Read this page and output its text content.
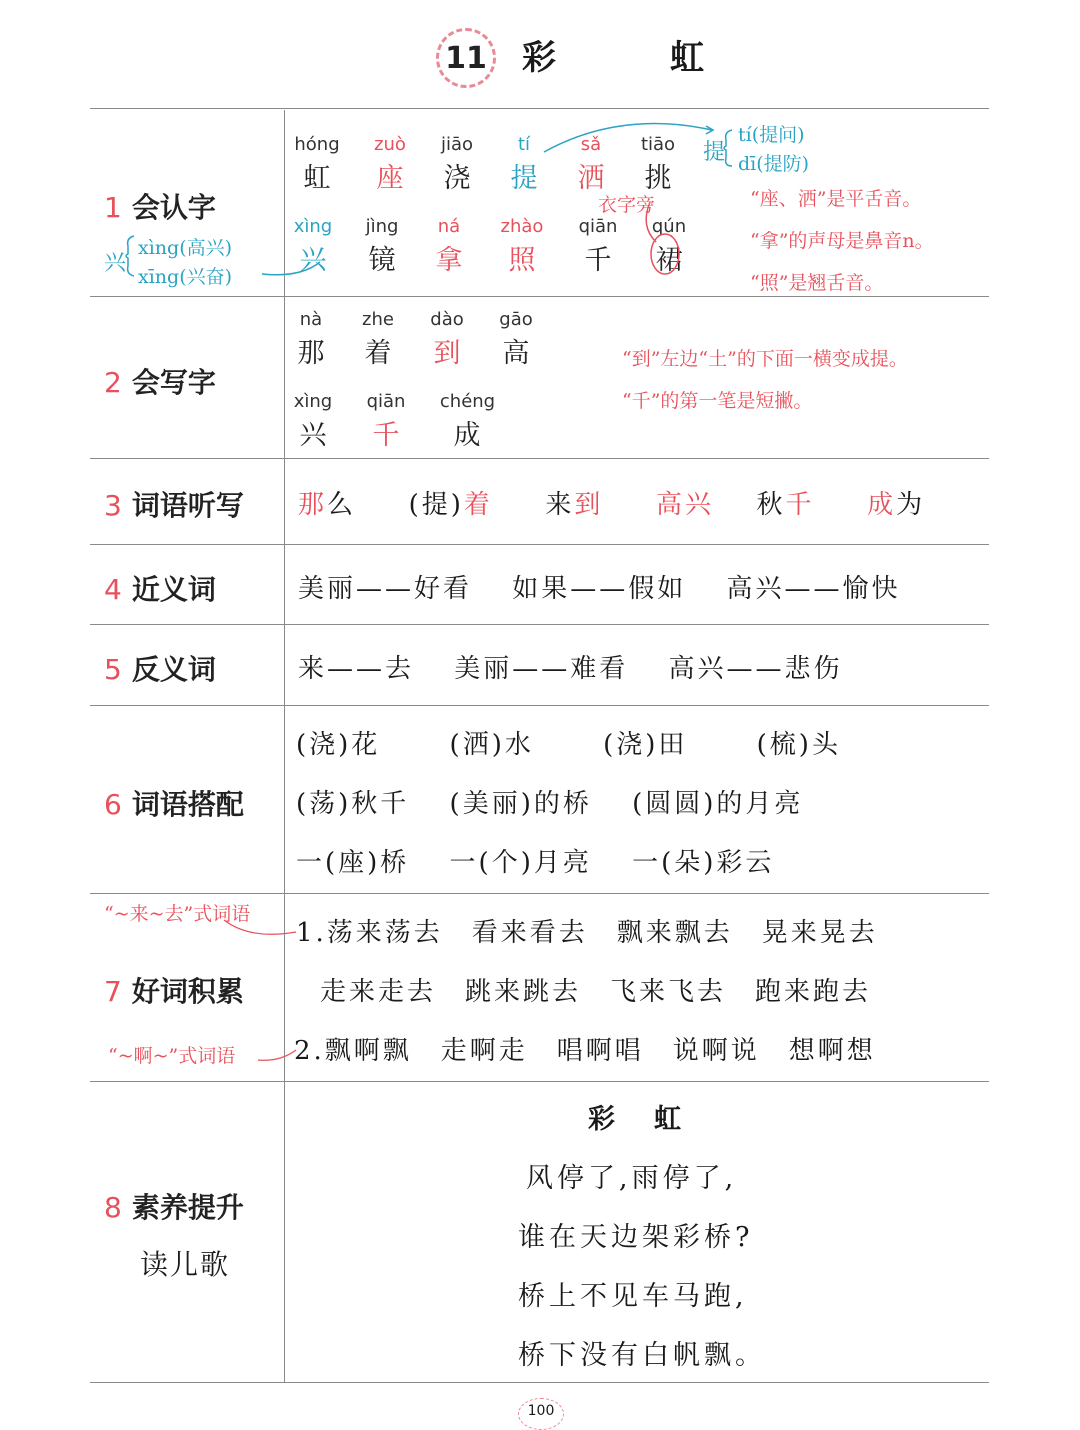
11 彩　虹
1 会认字
2 会写字
3 词语听写
4 近义词
5 反义词
6 词语搭配
7 好词积累
8 素养提升
读儿歌
hóng
虹
zuò
座
jiāo
浇
tí
提
sǎ
洒
tiāo
挑
xìng
兴
jìng
镜
ná
拿
zhào
照
qiān
千
qún
裙
提
tí(提问)
dī(提防)
兴
xìng(高兴)
xīng(兴奋)
衣字旁	“座、洒”是平舌音。
“拿”的声母是鼻音n。
“照”是翘舌音。
nà
那
zhe
着
dào
到
gāo
高
xìng
兴
qiān
千
chéng
成
“到”左边“土”的下面一横变成提。
“千”的第一笔是短撇。
那么 (提)着 来到 高兴 秋千 成为
美丽——好看　 如果——假如　 高兴——愉快
来——去　 美丽——难看　 高兴——悲伤
(浇)花　　 (洒)水　　 (浇)田　　 (梳)头
(荡)秋千　 (美丽)的桥　 (圆圆)的月亮
一(座)桥　 一(个)月亮　 一(朵)彩云
“~来~去”式词语
“~啊~”式词语
1.荡来荡去　看来看去　飘来飘去　晃来晃去
走来走去　跳来跳去　飞来飞去　跑来跑去
2.飘啊飘　走啊走　唱啊唱　说啊说　想啊想
彩　虹
风停了,雨停了,
谁在天边架彩桥?
桥上不见车马跑,
桥下没有白帆飘。
100
